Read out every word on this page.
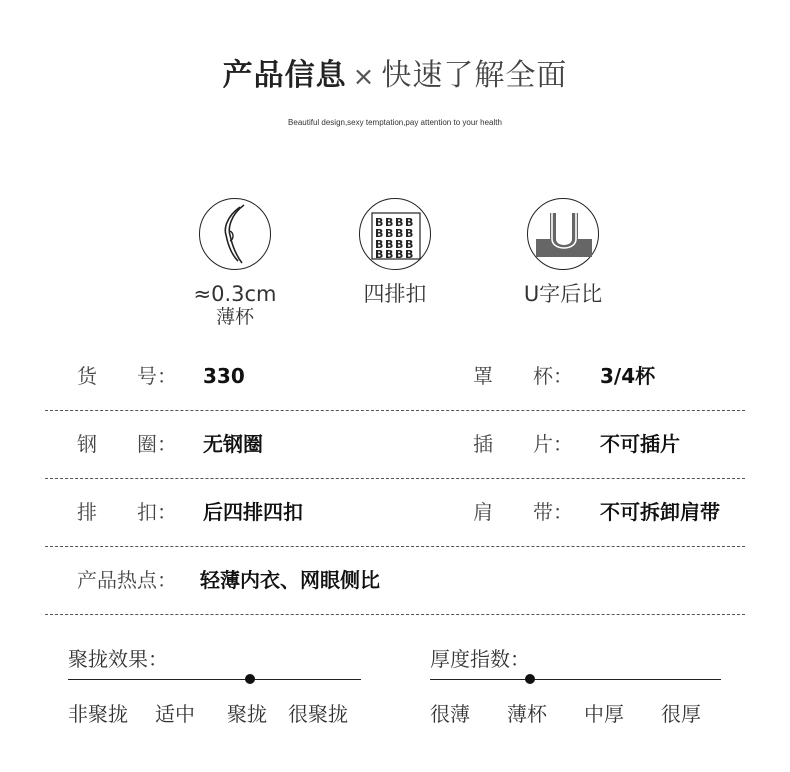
产品信息 × 快速了解全面
Beautiful design,sexy temptation,pay attention to your health
≈0.3cm
薄杯
B B B B
B B B B
B B B B
B B B B
四排扣	U字后比
货　　号： 330	罩　　杯： 3/4杯
钢　　圈： 无钢圈	插　　片： 不可插片
排　　扣： 后四排四扣	肩　　带： 不可拆卸肩带
产品热点： 轻薄内衣、网眼侧比
聚拢效果：
非聚拢 适中 聚拢 很聚拢
厚度指数：
很薄 薄杯 中厚 很厚
